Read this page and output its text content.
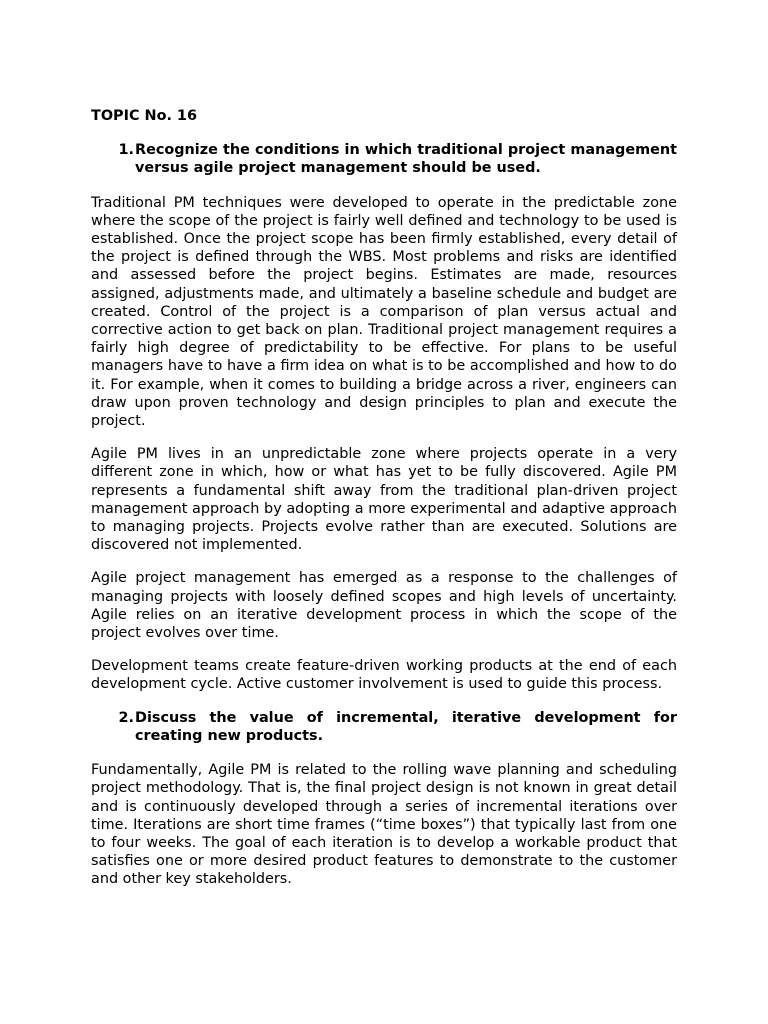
TOPIC No. 16
1. Recognize the conditions in which traditional project management versus agile project management should be used.

Traditional PM techniques were developed to operate in the predictable zone where the scope of the project is fairly well defined and technology to be used is established. Once the project scope has been firmly established, every detail of the project is defined through the WBS. Most problems and risks are identified and assessed before the project begins. Estimates are made, resources assigned, adjustments made, and ultimately a baseline schedule and budget are created. Control of the project is a comparison of plan versus actual and corrective action to get back on plan. Traditional project management requires a fairly high degree of predictability to be effective. For plans to be useful managers have to have a firm idea on what is to be accomplished and how to do it. For example, when it comes to building a bridge across a river, engineers can draw upon proven technology and design principles to plan and execute the project.

Agile PM lives in an unpredictable zone where projects operate in a very different zone in which, how or what has yet to be fully discovered. Agile PM represents a fundamental shift away from the traditional plan-driven project management approach by adopting a more experimental and adaptive approach to managing projects. Projects evolve rather than are executed. Solutions are discovered not implemented.

Agile project management has emerged as a response to the challenges of managing projects with loosely defined scopes and high levels of uncertainty. Agile relies on an iterative development process in which the scope of the project evolves over time.

Development teams create feature-driven working products at the end of each development cycle. Active customer involvement is used to guide this process.

2. Discuss the value of incremental, iterative development for creating new products.

Fundamentally, Agile PM is related to the rolling wave planning and scheduling project methodology. That is, the final project design is not known in great detail and is continuously developed through a series of incremental iterations over time. Iterations are short time frames (“time boxes”) that typically last from one to four weeks. The goal of each iteration is to develop a workable product that satisfies one or more desired product features to demonstrate to the customer and other key stakeholders.
